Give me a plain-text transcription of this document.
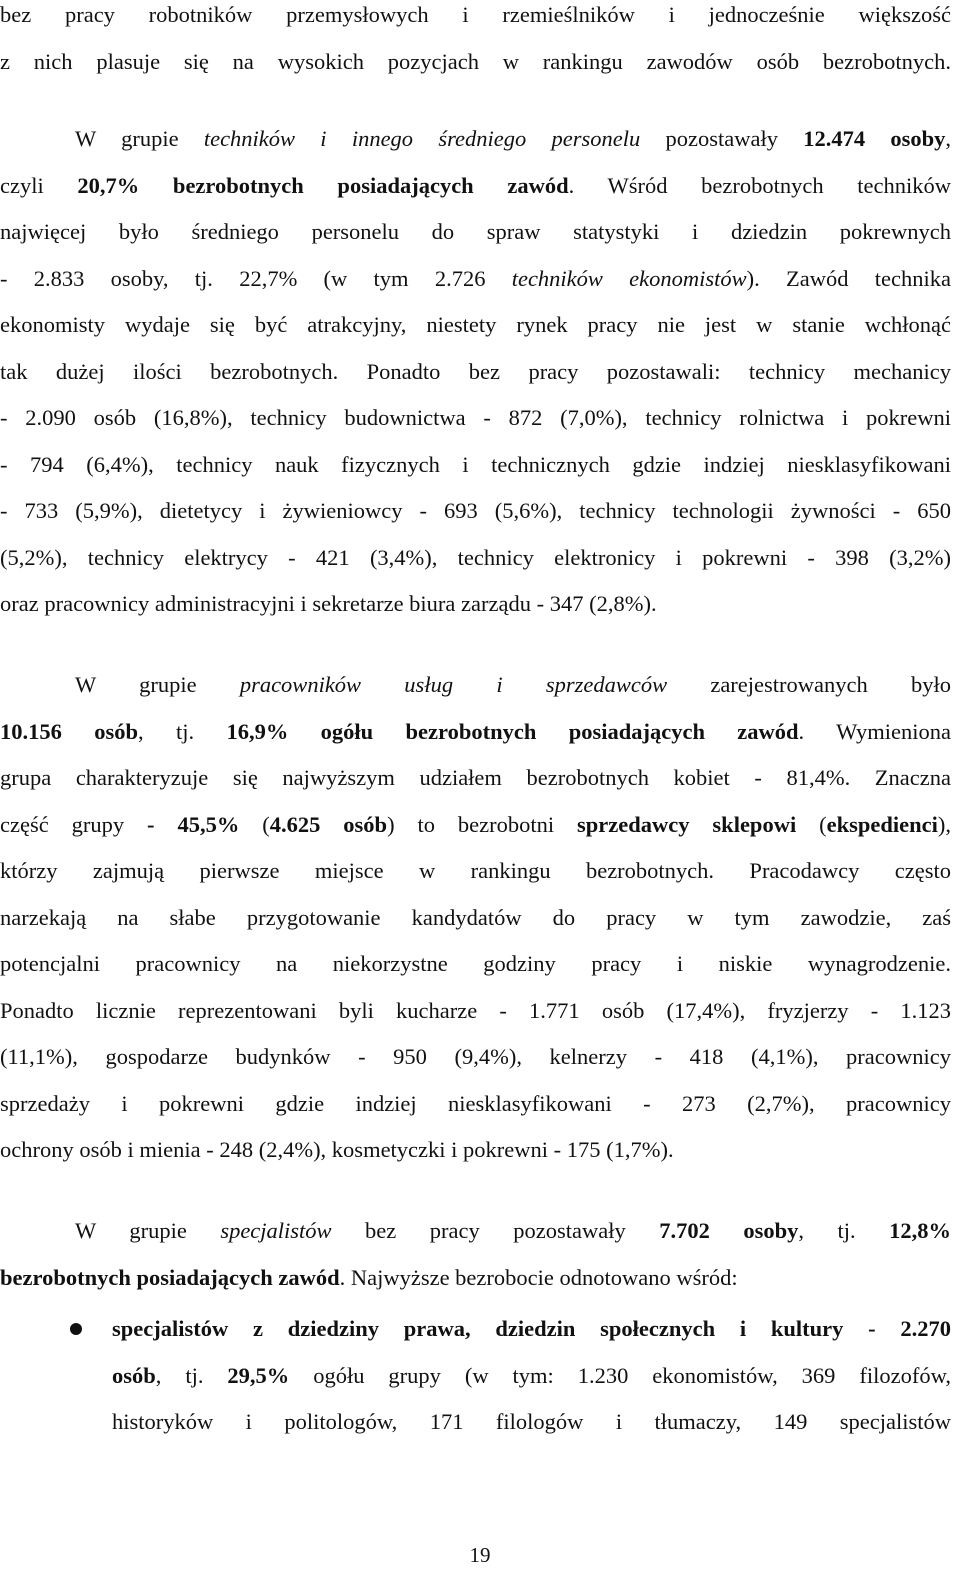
bez pracy robotników przemysłowych i rzemieślników i jednocześnie większość
z nich plasuje się na wysokich pozycjach w rankingu zawodów osób bezrobotnych.
W grupie techników i innego średniego personelu pozostawały 12.474 osoby,
czyli 20,7% bezrobotnych posiadających zawód. Wśród bezrobotnych techników
najwięcej było średniego personelu do spraw statystyki i dziedzin pokrewnych
- 2.833 osoby, tj. 22,7% (w tym 2.726 techników ekonomistów). Zawód technika
ekonomisty wydaje się być atrakcyjny, niestety rynek pracy nie jest w stanie wchłonąć
tak dużej ilości bezrobotnych. Ponadto bez pracy pozostawali: technicy mechanicy
- 2.090 osób (16,8%), technicy budownictwa - 872 (7,0%), technicy rolnictwa i pokrewni
- 794 (6,4%), technicy nauk fizycznych i technicznych gdzie indziej niesklasyfikowani
- 733 (5,9%), dietetycy i żywieniowcy - 693 (5,6%), technicy technologii żywności - 650
(5,2%), technicy elektrycy - 421 (3,4%), technicy elektronicy i pokrewni - 398 (3,2%)
oraz pracownicy administracyjni i sekretarze biura zarządu - 347 (2,8%).
W grupie pracowników usług i sprzedawców zarejestrowanych było
10.156 osób, tj. 16,9% ogółu bezrobotnych posiadających zawód. Wymieniona
grupa charakteryzuje się najwyższym udziałem bezrobotnych kobiet - 81,4%. Znaczna
część grupy - 45,5% (4.625 osób) to bezrobotni sprzedawcy sklepowi (ekspedienci),
którzy zajmują pierwsze miejsce w rankingu bezrobotnych. Pracodawcy często
narzekają na słabe przygotowanie kandydatów do pracy w tym zawodzie, zaś
potencjalni pracownicy na niekorzystne godziny pracy i niskie wynagrodzenie.
Ponadto licznie reprezentowani byli kucharze - 1.771 osób (17,4%), fryzjerzy - 1.123
(11,1%), gospodarze budynków - 950 (9,4%), kelnerzy - 418 (4,1%), pracownicy
sprzedaży i pokrewni gdzie indziej niesklasyfikowani - 273 (2,7%), pracownicy
ochrony osób i mienia - 248 (2,4%), kosmetyczki i pokrewni - 175 (1,7%).
W grupie specjalistów bez pracy pozostawały 7.702 osoby, tj. 12,8%
bezrobotnych posiadających zawód. Najwyższe bezrobocie odnotowano wśród:
specjalistów z dziedziny prawa, dziedzin społecznych i kultury - 2.270
osób, tj. 29,5% ogółu grupy (w tym: 1.230 ekonomistów, 369 filozofów,
historyków i politologów, 171 filologów i tłumaczy, 149 specjalistów
19
